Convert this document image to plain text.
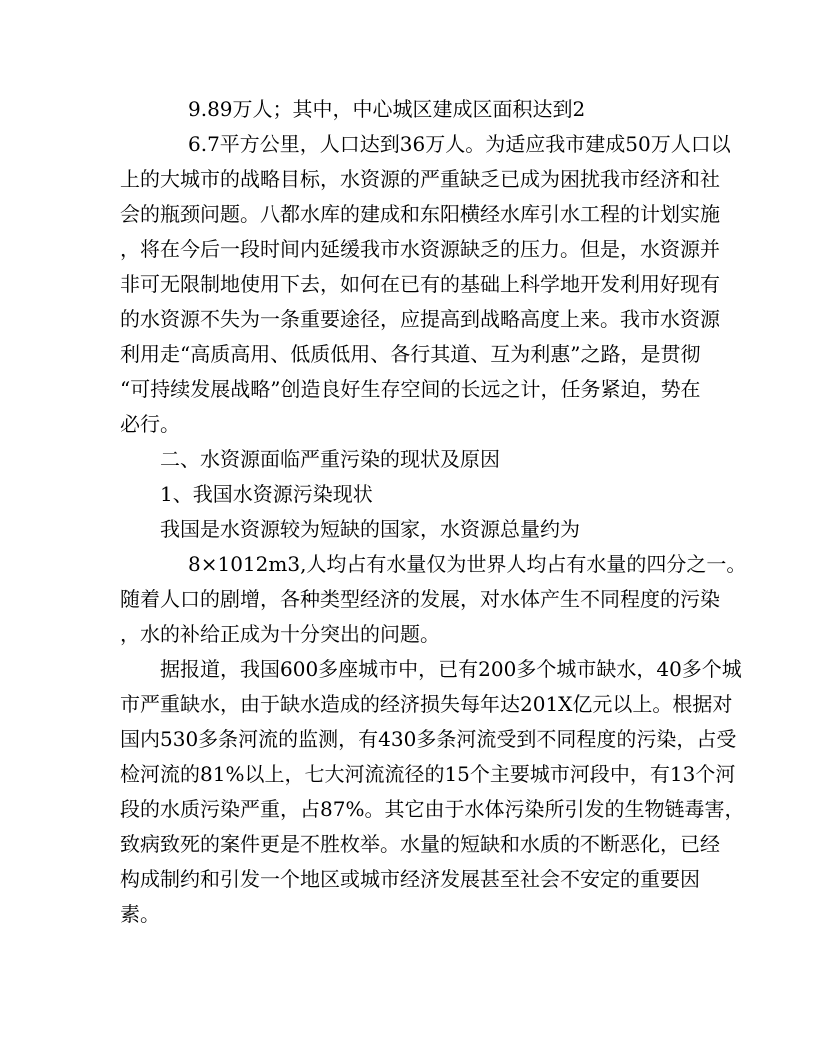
9.89万人；其中，中心城区建成区面积达到2

6.7平方公里，人口达到36万人。为适应我市建成50万人口以

上的大城市的战略目标，水资源的严重缺乏已成为困扰我市经济和社

会的瓶颈问题。八都水库的建成和东阳横经水库引水工程的计划实施

，将在今后一段时间内延缓我市水资源缺乏的压力。但是，水资源并

非可无限制地使用下去，如何在已有的基础上科学地开发利用好现有

的水资源不失为一条重要途径，应提高到战略高度上来。我市水资源

利用走“高质高用、低质低用、各行其道、互为利惠”之路，是贯彻

“可持续发展战略”创造良好生存空间的长远之计，任务紧迫，势在

必行。

二、水资源面临严重污染的现状及原因

1、我国水资源污染现状

我国是水资源较为短缺的国家，水资源总量约为

8×1012m3,人均占有水量仅为世界人均占有水量的四分之一。

随着人口的剧增，各种类型经济的发展，对水体产生不同程度的污染

，水的补给正成为十分突出的问题。

据报道，我国600多座城市中，已有200多个城市缺水，40多个城

市严重缺水，由于缺水造成的经济损失每年达201X亿元以上。根据对

国内530多条河流的监测，有430多条河流受到不同程度的污染，占受

检河流的81%以上，七大河流流径的15个主要城市河段中，有13个河

段的水质污染严重，占87%。其它由于水体污染所引发的生物链毒害，

致病致死的案件更是不胜枚举。水量的短缺和水质的不断恶化，已经

构成制约和引发一个地区或城市经济发展甚至社会不安定的重要因

素。
